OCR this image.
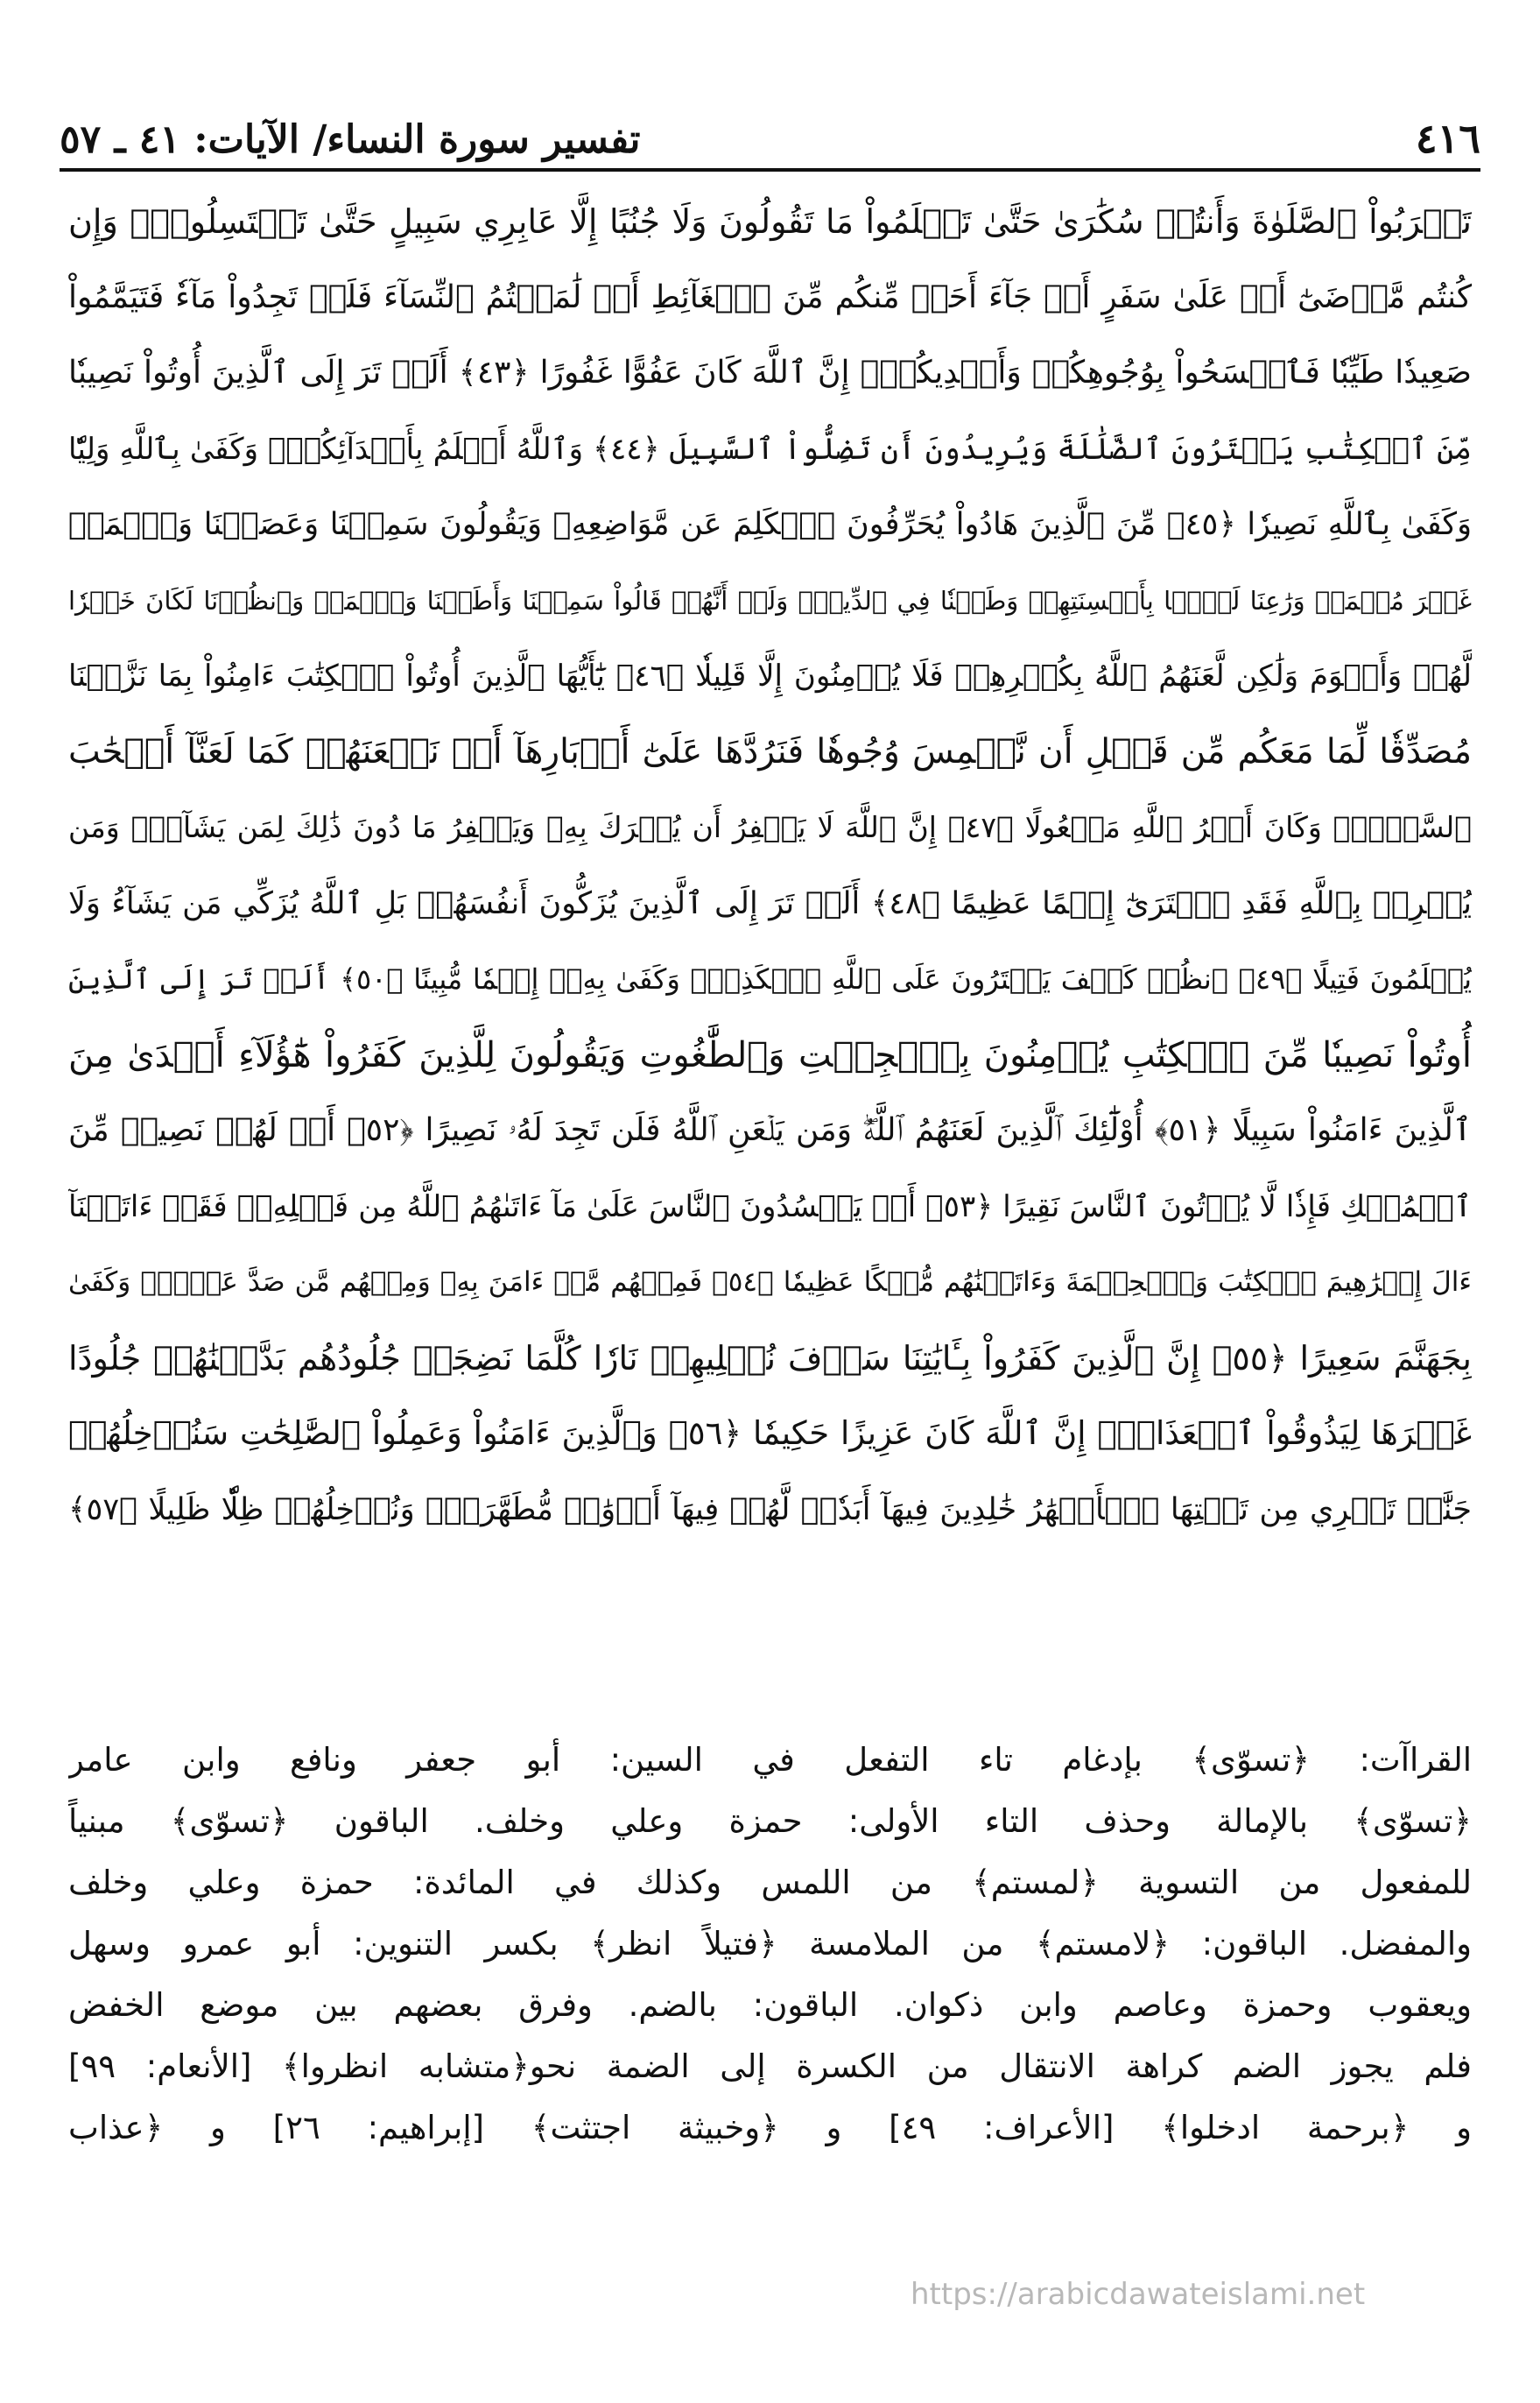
٤١٦
تفسير سورة النساء/ الآيات: ٤١ ـ ٥٧
تَقۡرَبُواْ ٱلصَّلَوٰةَ وَأَنتُمۡ سُكَٰرَىٰ حَتَّىٰ تَعۡلَمُواْ مَا تَقُولُونَ وَلَا جُنُبًا إِلَّا عَابِرِي سَبِيلٍ حَتَّىٰ تَغۡتَسِلُواْۚ وَإِن
كُنتُم مَّرۡضَىٰٓ أَوۡ عَلَىٰ سَفَرٍ أَوۡ جَآءَ أَحَدٞ مِّنكُم مِّنَ ٱلۡغَآئِطِ أَوۡ لَٰمَسۡتُمُ ٱلنِّسَآءَ فَلَمۡ تَجِدُواْ مَآءٗ فَتَيَمَّمُواْ
صَعِيدٗا طَيِّبٗا فَٱمۡسَحُواْ بِوُجُوهِكُمۡ وَأَيۡدِيكُمۡۗ إِنَّ ٱللَّهَ كَانَ عَفُوًّا غَفُورًا ﴿٤٣﴾ أَلَمۡ تَرَ إِلَى ٱلَّذِينَ أُوتُواْ نَصِيبٗا
مِّنَ ٱلۡكِتَٰبِ يَشۡتَرُونَ ٱلضَّلَٰلَةَ وَيُرِيدُونَ أَن تَضِلُّواْ ٱلسَّبِيلَ ﴿٤٤﴾ وَٱللَّهُ أَعۡلَمُ بِأَعۡدَآئِكُمۡۚ وَكَفَىٰ بِٱللَّهِ وَلِيّٗا
وَكَفَىٰ بِٱللَّهِ نَصِيرٗا ﴿٤٥﴾ مِّنَ ٱلَّذِينَ هَادُواْ يُحَرِّفُونَ ٱلۡكَلِمَ عَن مَّوَاضِعِهِۦ وَيَقُولُونَ سَمِعۡنَا وَعَصَيۡنَا وَٱسۡمَعۡ
غَيۡرَ مُسۡمَعٖ وَرَٰعِنَا لَيَّۢا بِأَلۡسِنَتِهِمۡ وَطَعۡنٗا فِي ٱلدِّينِۚ وَلَوۡ أَنَّهُمۡ قَالُواْ سَمِعۡنَا وَأَطَعۡنَا وَٱسۡمَعۡ وَٱنظُرۡنَا لَكَانَ خَيۡرٗا
لَّهُمۡ وَأَقۡوَمَ وَلَٰكِن لَّعَنَهُمُ ٱللَّهُ بِكُفۡرِهِمۡ فَلَا يُؤۡمِنُونَ إِلَّا قَلِيلٗا ﴿٤٦﴾ يَٰٓأَيُّهَا ٱلَّذِينَ أُوتُواْ ٱلۡكِتَٰبَ ءَامِنُواْ بِمَا نَزَّلۡنَا
مُصَدِّقٗا لِّمَا مَعَكُم مِّن قَبۡلِ أَن نَّطۡمِسَ وُجُوهٗا فَنَرُدَّهَا عَلَىٰٓ أَدۡبَارِهَآ أَوۡ نَلۡعَنَهُمۡ كَمَا لَعَنَّآ أَصۡحَٰبَ
ٱلسَّبۡتِۚ وَكَانَ أَمۡرُ ٱللَّهِ مَفۡعُولًا ﴿٤٧﴾ إِنَّ ٱللَّهَ لَا يَغۡفِرُ أَن يُشۡرَكَ بِهِۦ وَيَغۡفِرُ مَا دُونَ ذَٰلِكَ لِمَن يَشَآءُۚ وَمَن
يُشۡرِكۡ بِٱللَّهِ فَقَدِ ٱفۡتَرَىٰٓ إِثۡمًا عَظِيمًا ﴿٤٨﴾ أَلَمۡ تَرَ إِلَى ٱلَّذِينَ يُزَكُّونَ أَنفُسَهُمۚ بَلِ ٱللَّهُ يُزَكِّي مَن يَشَآءُ وَلَا
يُظۡلَمُونَ فَتِيلًا ﴿٤٩﴾ ٱنظُرۡ كَيۡفَ يَفۡتَرُونَ عَلَى ٱللَّهِ ٱلۡكَذِبَۖ وَكَفَىٰ بِهِۦٓ إِثۡمٗا مُّبِينًا ﴿٥٠﴾ أَلَمۡ تَرَ إِلَى ٱلَّذِينَ
أُوتُواْ نَصِيبٗا مِّنَ ٱلۡكِتَٰبِ يُؤۡمِنُونَ بِٱلۡجِبۡتِ وَٱلطَّٰغُوتِ وَيَقُولُونَ لِلَّذِينَ كَفَرُواْ هَٰٓؤُلَآءِ أَهۡدَىٰ مِنَ
ٱلَّذِينَ ءَامَنُواْ سَبِيلًا ﴿٥١﴾ أُوْلَٰٓئِكَ ٱلَّذِينَ لَعَنَهُمُ ٱللَّهُۖ وَمَن يَلۡعَنِ ٱللَّهُ فَلَن تَجِدَ لَهُۥ نَصِيرًا ﴿٥٢﴾ أَمۡ لَهُمۡ نَصِيبٞ مِّنَ
ٱلۡمُلۡكِ فَإِذٗا لَّا يُؤۡتُونَ ٱلنَّاسَ نَقِيرًا ﴿٥٣﴾ أَمۡ يَحۡسُدُونَ ٱلنَّاسَ عَلَىٰ مَآ ءَاتَىٰهُمُ ٱللَّهُ مِن فَضۡلِهِۦۖ فَقَدۡ ءَاتَيۡنَآ
ءَالَ إِبۡرَٰهِيمَ ٱلۡكِتَٰبَ وَٱلۡحِكۡمَةَ وَءَاتَيۡنَٰهُم مُّلۡكًا عَظِيمٗا ﴿٥٤﴾ فَمِنۡهُم مَّنۡ ءَامَنَ بِهِۦ وَمِنۡهُم مَّن صَدَّ عَنۡهُۚ وَكَفَىٰ
بِجَهَنَّمَ سَعِيرًا ﴿٥٥﴾ إِنَّ ٱلَّذِينَ كَفَرُواْ بِـَٔايَٰتِنَا سَوۡفَ نُصۡلِيهِمۡ نَارٗا كُلَّمَا نَضِجَتۡ جُلُودُهُم بَدَّلۡنَٰهُمۡ جُلُودًا
غَيۡرَهَا لِيَذُوقُواْ ٱلۡعَذَابَۗ إِنَّ ٱللَّهَ كَانَ عَزِيزًا حَكِيمٗا ﴿٥٦﴾ وَٱلَّذِينَ ءَامَنُواْ وَعَمِلُواْ ٱلصَّٰلِحَٰتِ سَنُدۡخِلُهُمۡ
جَنَّٰتٖ تَجۡرِي مِن تَحۡتِهَا ٱلۡأَنۡهَٰرُ خَٰلِدِينَ فِيهَآ أَبَدٗاۖ لَّهُمۡ فِيهَآ أَزۡوَٰجٞ مُّطَهَّرَةٞۖ وَنُدۡخِلُهُمۡ ظِلّٗا ظَلِيلًا ﴿٥٧﴾
القراآت: ﴿تسوّى﴾ بإدغام تاء التفعل في السين: أبو جعفر ونافع وابن عامر
﴿تسوّى﴾ بالإمالة وحذف التاء الأولى: حمزة وعلي وخلف. الباقون ﴿تسوّى﴾ مبنياً
للمفعول من التسوية ﴿لمستم﴾ من اللمس وكذلك في المائدة: حمزة وعلي وخلف
والمفضل. الباقون: ﴿لامستم﴾ من الملامسة ﴿فتيلاً انظر﴾ بكسر التنوين: أبو عمرو وسهل
ويعقوب وحمزة وعاصم وابن ذكوان. الباقون: بالضم. وفرق بعضهم بين موضع الخفض
فلم يجوز الضم كراهة الانتقال من الكسرة إلى الضمة نحو﴿متشابه انظروا﴾ [الأنعام: ٩٩]
و ﴿برحمة ادخلوا﴾ [الأعراف: ٤٩] و ﴿وخبيثة اجتثت﴾ [إبراهيم: ٢٦] و ﴿عذاب
https://arabicdawateislami.net
